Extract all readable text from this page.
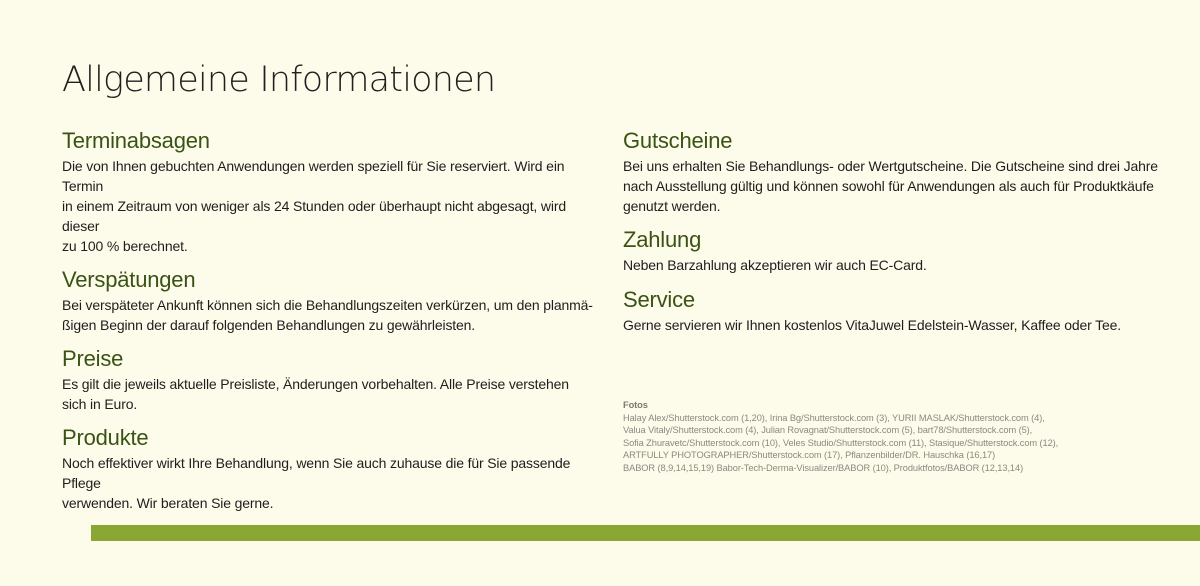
Allgemeine Informationen
Terminabsagen

Die von Ihnen gebuchten Anwendungen werden speziell für Sie reserviert. Wird ein Termin
in einem Zeitraum von weniger als 24 Stunden oder überhaupt nicht abgesagt, wird dieser
zu 100 % berechnet.

Verspätungen

Bei verspäteter Ankunft können sich die Behandlungszeiten verkürzen, um den planmä-
ßigen Beginn der darauf folgenden Behandlungen zu gewährleisten.

Preise

Es gilt die jeweils aktuelle Preisliste, Änderungen vorbehalten. Alle Preise verstehen
sich in Euro.

Produkte

Noch effektiver wirkt Ihre Behandlung, wenn Sie auch zuhause die für Sie passende Pflege
verwenden. Wir beraten Sie gerne.

Gutscheine

Bei uns erhalten Sie Behandlungs- oder Wertgutscheine. Die Gutscheine sind drei Jahre
nach Ausstellung gültig und können sowohl für Anwendungen als auch für Produktkäufe
genutzt werden.

Zahlung

Neben Barzahlung akzeptieren wir auch EC-Card.

Service

Gerne servieren wir Ihnen kostenlos VitaJuwel Edelstein-Wasser, Kaffee oder Tee.

Fotos

Halay Alex/Shutterstock.com (1,20), Irina Bg/Shutterstock.com (3), YURII MASLAK/Shutterstock.com (4),

Valua Vitaly/Shutterstock.com (4), Julian Rovagnat/Shutterstock.com (5), bart78/Shutterstock.com (5),

Sofia Zhuravetc/Shutterstock.com (10), Veles Studio/Shutterstock.com (11), Stasique/Shutterstock.com (12),

ARTFULLY PHOTOGRAPHER/Shutterstock.com (17), Pflanzenbilder/DR. Hauschka (16,17)

BABOR (8,9,14,15,19) Babor-Tech-Derma-Visualizer/BABOR (10), Produktfotos/BABOR (12,13,14)
